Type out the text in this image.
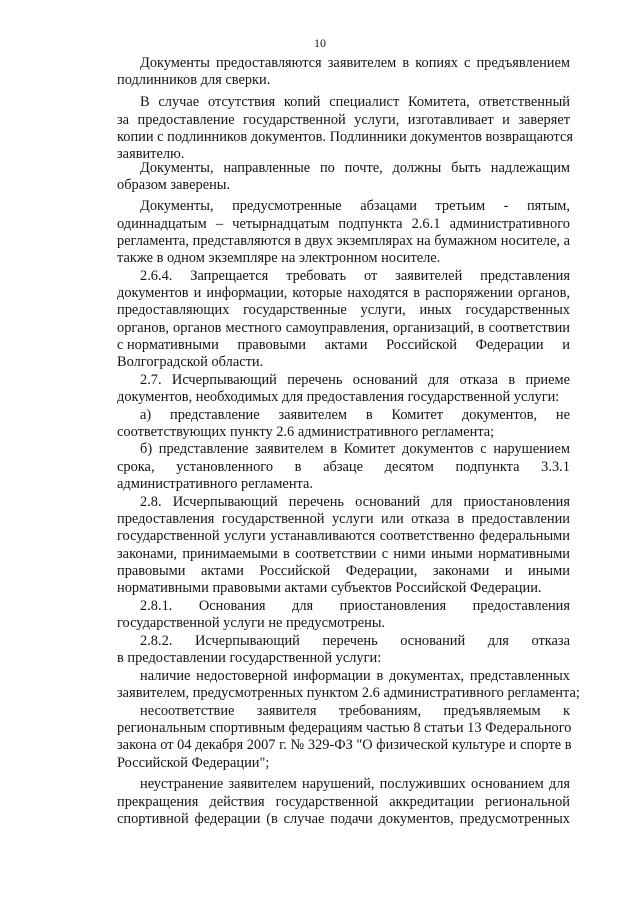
10
Документы предоставляются заявителем в копиях с предъявлением
подлинников для сверки.
В случае отсутствия копий специалист Комитета, ответственный
за предоставление государственной услуги, изготавливает и заверяет
копии с подлинников документов. Подлинники документов возвращаются
заявителю.
Документы, направленные по почте, должны быть надлежащим
образом заверены.
Документы, предусмотренные абзацами третьим - пятым,
одиннадцатым – четырнадцатым подпункта 2.6.1 административного
регламента, представляются в двух экземплярах на бумажном носителе, а
также в одном экземпляре на электронном носителе.
2.6.4. Запрещается требовать от заявителей представления
документов и информации, которые находятся в распоряжении органов,
предоставляющих государственные услуги, иных государственных
органов, органов местного самоуправления, организаций, в соответствии
с нормативными правовыми актами Российской Федерации и
Волгоградской области.
2.7. Исчерпывающий перечень оснований для отказа в приеме
документов, необходимых для предоставления государственной услуги:
а) представление заявителем в Комитет документов, не
соответствующих пункту 2.6 административного регламента;
б) представление заявителем в Комитет документов с нарушением
срока, установленного в абзаце десятом подпункта 3.3.1
административного регламента.
2.8. Исчерпывающий перечень оснований для приостановления
предоставления государственной услуги или отказа в предоставлении
государственной услуги устанавливаются соответственно федеральными
законами, принимаемыми в соответствии с ними иными нормативными
правовыми актами Российской Федерации, законами и иными
нормативными правовыми актами субъектов Российской Федерации.
2.8.1. Основания для приостановления предоставления
государственной услуги не предусмотрены.
2.8.2. Исчерпывающий перечень оснований для отказа
в предоставлении государственной услуги:
наличие недостоверной информации в документах, представленных
заявителем, предусмотренных пунктом 2.6 административного регламента;
несоответствие заявителя требованиям, предъявляемым к
региональным спортивным федерациям частью 8 статьи 13 Федерального
закона от 04 декабря 2007 г. № 329-ФЗ "О физической культуре и спорте в
Российской Федерации";
неустранение заявителем нарушений, послуживших основанием для
прекращения действия государственной аккредитации региональной
спортивной федерации (в случае подачи документов, предусмотренных
